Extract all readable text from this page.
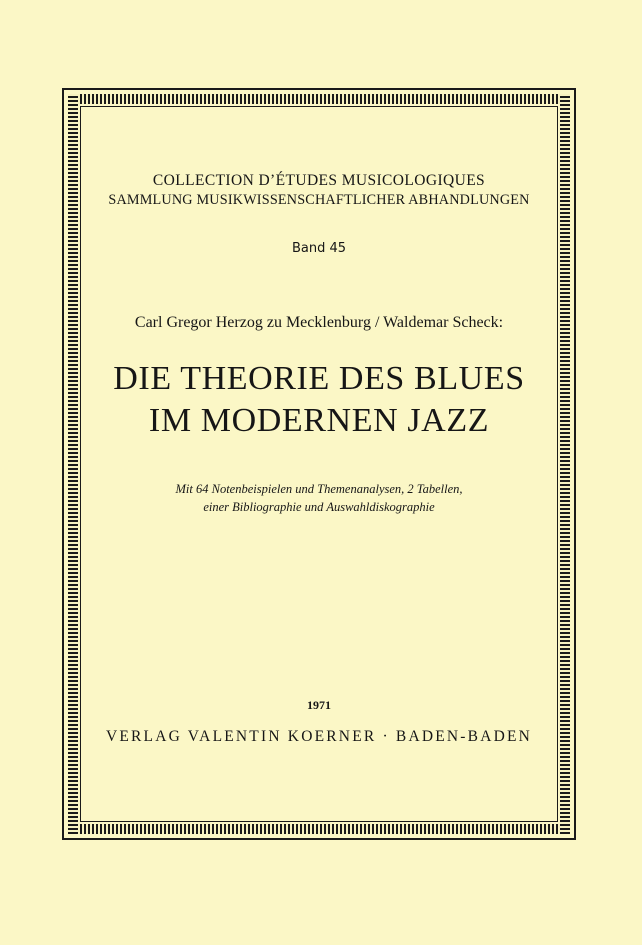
COLLECTION D’ÉTUDES MUSICOLOGIQUES
SAMMLUNG MUSIKWISSENSCHAFTLICHER ABHANDLUNGEN
Band 45
Carl Gregor Herzog zu Mecklenburg / Waldemar Scheck:
DIE THEORIE DES BLUES
IM MODERNEN JAZZ
Mit 64 Notenbeispielen und Themenanalysen, 2 Tabellen,
einer Bibliographie und Auswahldiskographie
1971
VERLAG VALENTIN KOERNER · BADEN-BADEN
